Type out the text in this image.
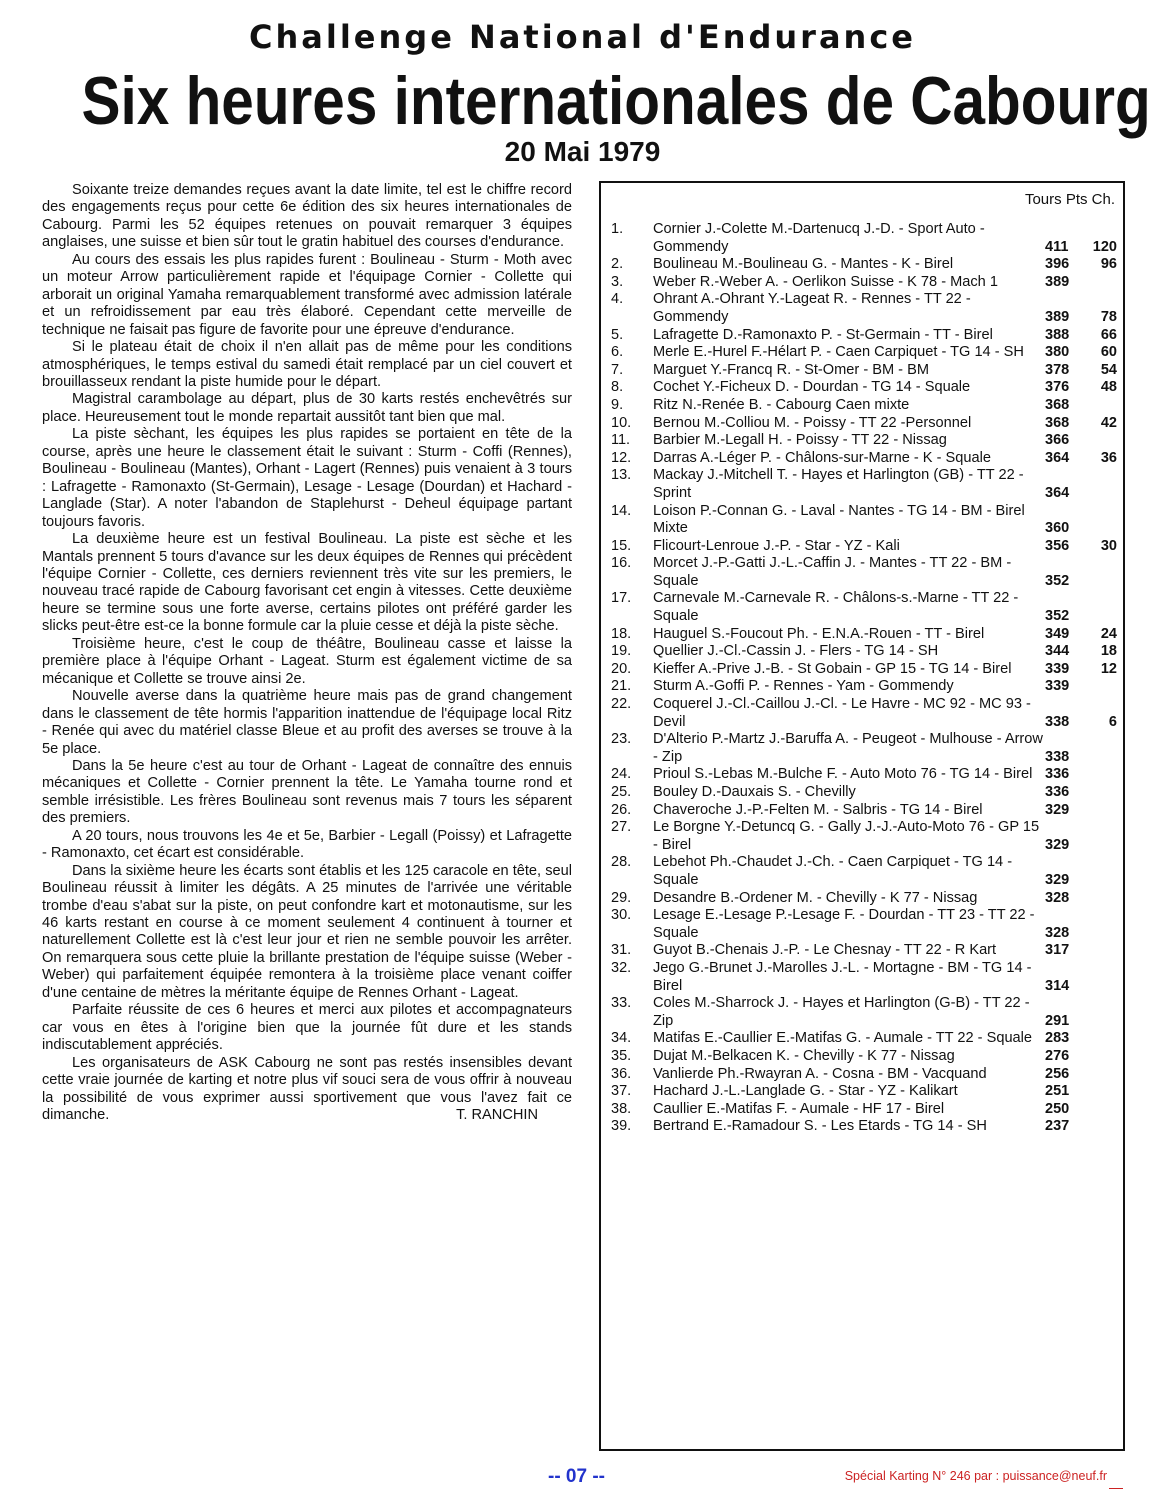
Challenge National d'Endurance
Six heures internationales de Cabourg
20 Mai 1979

Soixante treize demandes reçues avant la date limite, tel est le chiffre record des engagements reçus pour cette 6e édition des six heures internationales de Cabourg. Parmi les 52 équipes retenues on pouvait remarquer 3 équipes anglaises, une suisse et bien sûr tout le gratin habituel des courses d'endurance.

Au cours des essais les plus rapides furent : Boulineau - Sturm - Moth avec un moteur Arrow particulièrement rapide et l'équipage Cornier - Collette qui arborait un original Yamaha remarquablement transformé avec admission latérale et un refroidissement par eau très élaboré. Cependant cette merveille de technique ne faisait pas figure de favorite pour une épreuve d'endurance.

Si le plateau était de choix il n'en allait pas de même pour les conditions atmosphériques, le temps estival du samedi était remplacé par un ciel couvert et brouillasseux rendant la piste humide pour le départ.

Magistral carambolage au départ, plus de 30 karts restés enchevêtrés sur place. Heureusement tout le monde repartait aussitôt tant bien que mal.

La piste sèchant, les équipes les plus rapides se portaient en tête de la course, après une heure le classement était le suivant : Sturm - Coffi (Rennes), Boulineau - Boulineau (Mantes), Orhant - Lagert (Rennes) puis venaient à 3 tours : Lafragette - Ramonaxto (St-Germain), Lesage - Lesage (Dourdan) et Hachard - Langlade (Star). A noter l'abandon de Staplehurst - Deheul équipage partant toujours favoris.

La deuxième heure est un festival Boulineau. La piste est sèche et les Mantals prennent 5 tours d'avance sur les deux équipes de Rennes qui précèdent l'équipe Cornier - Collette, ces derniers reviennent très vite sur les premiers, le nouveau tracé rapide de Cabourg favorisant cet engin à vitesses. Cette deuxième heure se termine sous une forte averse, certains pilotes ont préféré garder les slicks peut-être est-ce la bonne formule car la pluie cesse et déjà la piste sèche.

Troisième heure, c'est le coup de théâtre, Boulineau casse et laisse la première place à l'équipe Orhant - Lageat. Sturm est également victime de sa mécanique et Collette se trouve ainsi 2e.

Nouvelle averse dans la quatrième heure mais pas de grand changement dans le classement de tête hormis l'apparition inattendue de l'équipage local Ritz - Renée qui avec du matériel classe Bleue et au profit des averses se trouve à la 5e place.

Dans la 5e heure c'est au tour de Orhant - Lageat de connaître des ennuis mécaniques et Collette - Cornier prennent la tête. Le Yamaha tourne rond et semble irrésistible. Les frères Boulineau sont revenus mais 7 tours les séparent des premiers.

A 20 tours, nous trouvons les 4e et 5e, Barbier - Legall (Poissy) et Lafragette - Ramonaxto, cet écart est considérable.

Dans la sixième heure les écarts sont établis et les 125 caracole en tête, seul Boulineau réussit à limiter les dégâts. A 25 minutes de l'arrivée une véritable trombe d'eau s'abat sur la piste, on peut confondre kart et motonautisme, sur les 46 karts restant en course à ce moment seulement 4 continuent à tourner et naturellement Collette est là c'est leur jour et rien ne semble pouvoir les arrêter. On remarquera sous cette pluie la brillante prestation de l'équipe suisse (Weber - Weber) qui parfaitement équipée remontera à la troisième place venant coiffer d'une centaine de mètres la méritante équipe de Rennes Orhant - Lageat.

Parfaite réussite de ces 6 heures et merci aux pilotes et accompagnateurs car vous en êtes à l'origine bien que la journée fût dure et les stands indiscutablement appréciés.

Les organisateurs de ASK Cabourg ne sont pas restés insensibles devant cette vraie journée de karting et notre plus vif souci sera de vous offrir à nouveau la possibilité de vous exprimer aussi sportivement que vous l'avez fait ce dimanche.	T. RANCHIN

Tours Pts Ch.
1.	Cornier J.-Colette M.-Dartenucq J.-D. - Sport Auto - Gommendy	411	120
2.	Boulineau M.-Boulineau G. - Mantes - K - Birel	396	96
3.	Weber R.-Weber A. - Oerlikon Suisse - K 78 - Mach 1	389
4.	Ohrant A.-Ohrant Y.-Lageat R. - Rennes - TT 22 - Gommendy	389	78
5.	Lafragette D.-Ramonaxto P. - St-Germain - TT - Birel	388	66
6.	Merle E.-Hurel F.-Hélart P. - Caen Carpiquet - TG 14 - SH	380	60
7.	Marguet Y.-Francq R. - St-Omer - BM - BM	378	54
8.	Cochet Y.-Ficheux D. - Dourdan - TG 14 - Squale	376	48
9.	Ritz N.-Renée B. - Cabourg Caen mixte	368
10.	Bernou M.-Colliou M. - Poissy - TT 22 -Personnel	368	42
11.	Barbier M.-Legall H. - Poissy - TT 22 - Nissag	366
12.	Darras A.-Léger P. - Châlons-sur-Marne - K - Squale	364	36
13.	Mackay J.-Mitchell T. - Hayes et Harlington (GB) - TT 22 - Sprint	364
14.	Loison P.-Connan G. - Laval - Nantes - TG 14 - BM - Birel Mixte	360
15.	Flicourt-Lenroue J.-P. - Star - YZ - Kali	356	30
16.	Morcet J.-P.-Gatti J.-L.-Caffin J. - Mantes - TT 22 - BM - Squale	352
17.	Carnevale M.-Carnevale R. - Châlons-s.-Marne - TT 22 - Squale	352
18.	Hauguel S.-Foucout Ph. - E.N.A.-Rouen - TT - Birel	349	24
19.	Quellier J.-Cl.-Cassin J. - Flers - TG 14 - SH	344	18
20.	Kieffer A.-Prive J.-B. - St Gobain - GP 15 - TG 14 - Birel	339	12
21.	Sturm A.-Goffi P. - Rennes - Yam - Gommendy	339
22.	Coquerel J.-Cl.-Caillou J.-Cl. - Le Havre - MC 92 - MC 93 - Devil	338	6
23.	D'Alterio P.-Martz J.-Baruffa A. - Peugeot - Mulhouse - Arrow - Zip	338
24.	Prioul S.-Lebas M.-Bulche F. - Auto Moto 76 - TG 14 - Birel 336
25.	Bouley D.-Dauxais S. - Chevilly	336
26.	Chaveroche J.-P.-Felten M. - Salbris - TG 14 - Birel	329
27.	Le Borgne Y.-Detuncq G. - Gally J.-J.-Auto-Moto 76 - GP 15 - Birel	329
28.	Lebehot Ph.-Chaudet J.-Ch. - Caen Carpiquet - TG 14 - Squale	329
29.	Desandre B.-Ordener M. - Chevilly - K 77 - Nissag	328
30.	Lesage E.-Lesage P.-Lesage F. - Dourdan - TT 23 - TT 22 - Squale	328
31.	Guyot B.-Chenais J.-P. - Le Chesnay - TT 22 - R Kart	317
32.	Jego G.-Brunet J.-Marolles J.-L. - Mortagne - BM - TG 14 - Birel	314
33.	Coles M.-Sharrock J. - Hayes et Harlington (G-B) - TT 22 - Zip	291
34.	Matifas E.-Caullier E.-Matifas G. - Aumale - TT 22 - Squale 283
35.	Dujat M.-Belkacen K. - Chevilly - K 77 - Nissag	276
36.	Vanlierde Ph.-Rwayran A. - Cosna - BM - Vacquand	256
37.	Hachard J.-L.-Langlade G. - Star - YZ - Kalikart	251
38.	Caullier E.-Matifas F. - Aumale - HF 17 - Birel	250
39.	Bertrand E.-Ramadour S. - Les Etards - TG 14 - SH	237
-- 07 --	Spécial Karting N° 246 par : puissance@neuf.fr
